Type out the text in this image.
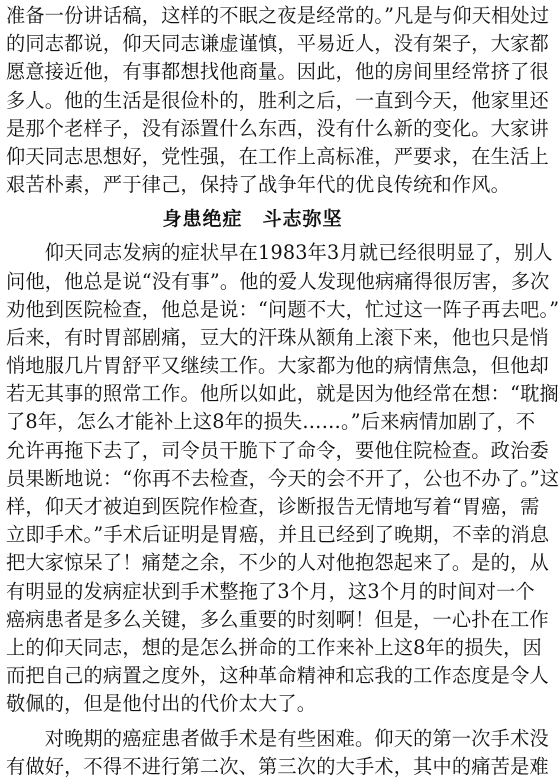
准备一份讲话稿，这样的不眠之夜是经常的。”凡是与仰天相处过
的同志都说，仰天同志谦虚谨慎，平易近人，没有架子，大家都
愿意接近他，有事都想找他商量。因此，他的房间里经常挤了很
多人。他的生活是很俭朴的，胜利之后，一直到今天，他家里还
是那个老样子，没有添置什么东西，没有什么新的变化。大家讲
仰天同志思想好，党性强，在工作上高标准，严要求，在生活上
艰苦朴素，严于律己，保持了战争年代的优良传统和作风。
身患绝症　斗志弥坚
　　仰天同志发病的症状早在1983年3月就已经很明显了，别人
问他，他总是说“没有事”。他的爱人发现他病痛得很厉害，多次
劝他到医院检查，他总是说：“问题不大，忙过这一阵子再去吧。”
后来，有时胃部剧痛，豆大的汗珠从额角上滚下来，他也只是悄
悄地服几片胃舒平又继续工作。大家都为他的病情焦急，但他却
若无其事的照常工作。他所以如此，就是因为他经常在想：“耽搁
了8年，怎么才能补上这8年的损失……。”后来病情加剧了，不
允许再拖下去了，司令员干脆下了命令，要他住院检查。政治委
员果断地说：“你再不去检查，今天的会不开了，公也不办了。”这
样，仰天才被迫到医院作检查，诊断报告无情地写着“胃癌，需
立即手术。”手术后证明是胃癌，并且已经到了晚期，不幸的消息
把大家惊呆了！痛楚之余，不少的人对他抱怨起来了。是的，从
有明显的发病症状到手术整拖了3个月，这3个月的时间对一个
癌病患者是多么关键，多么重要的时刻啊！但是，一心扑在工作
上的仰天同志，想的是怎么拼命的工作来补上这8年的损失，因
而把自己的病置之度外，这种革命精神和忘我的工作态度是令人
敬佩的，但是他付出的代价太大了。
　　对晚期的癌症患者做手术是有些困难。仰天的第一次手术没
有做好，不得不进行第二次、第三次的大手术，其中的痛苦是难
